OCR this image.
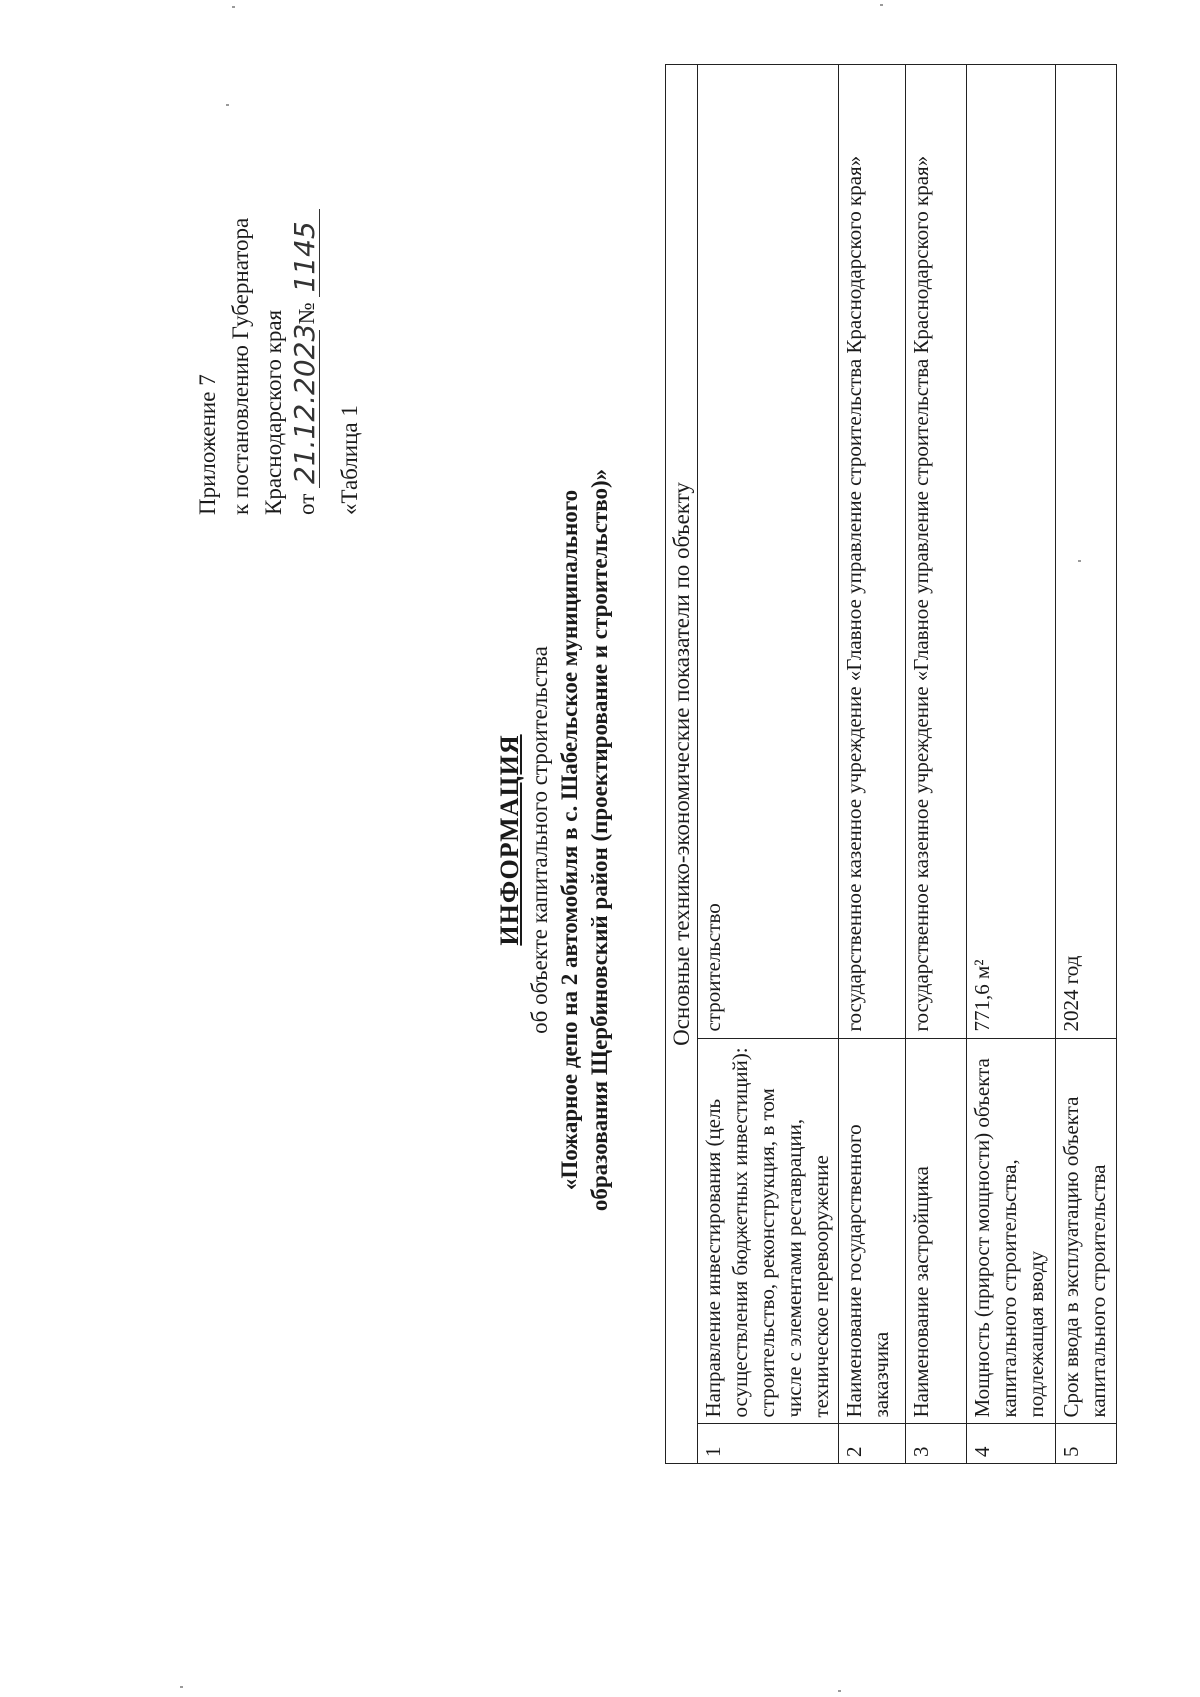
Приложение 7 к постановлению Губернатора Краснодарского края от 21.12.2023 № 1145
«Таблица 1
ИНФОРМАЦИЯ об объекте капитального строительства «Пожарное депо на 2 автомобиля в с. Шабельское муниципального образования Щербиновский район (проектирование и строительство)» Основные технико-экономические показатели по объекту		
1	Направление инвестирования (цель осуществления бюджетных инвестиций): строительство, реконструкция, в том числе с элементами реставрации, техническое перевооружение	строительство
2	Наименование государственного заказчика	государственное казенное учреждение «Главное управление строительства Краснодарского края»
3	Наименование застройщика	государственное казенное учреждение «Главное управление строительства Краснодарского края»
4	Мощность (прирост мощности) объекта капитального строительства, подлежащая вводу	771,6 м²
5	Срок ввода в эксплуатацию объекта капитального строительства	2024 год
